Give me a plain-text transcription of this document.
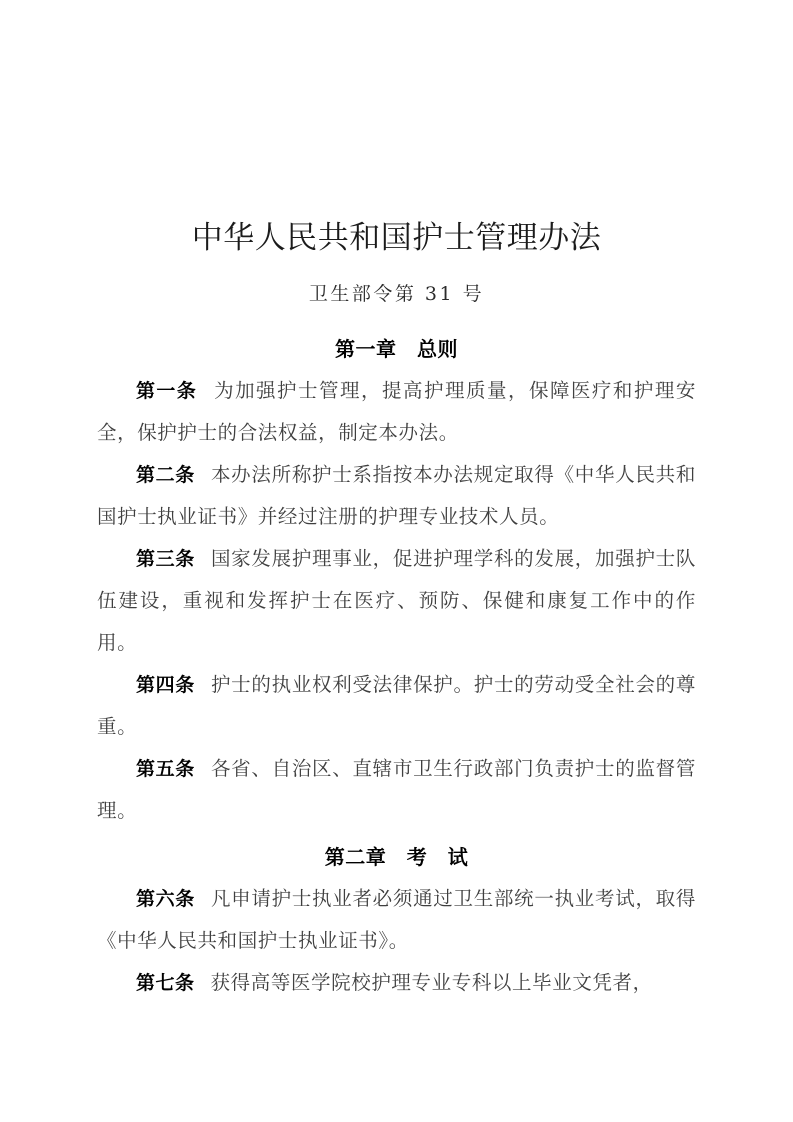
中华人民共和国护士管理办法
卫生部令第 31 号
第一章　总则

第一条 为加强护士管理，提高护理质量，保障医疗和护理安全，保护护士的合法权益，制定本办法。

第二条 本办法所称护士系指按本办法规定取得《中华人民共和国护士执业证书》并经过注册的护理专业技术人员。

第三条 国家发展护理事业，促进护理学科的发展，加强护士队伍建设，重视和发挥护士在医疗、预防、保健和康复工作中的作用。

第四条 护士的执业权利受法律保护。护士的劳动受全社会的尊重。

第五条 各省、自治区、直辖市卫生行政部门负责护士的监督管理。

第二章　考　试

第六条 凡申请护士执业者必须通过卫生部统一执业考试，取得《中华人民共和国护士执业证书》。

第七条 获得高等医学院校护理专业专科以上毕业文凭者，
